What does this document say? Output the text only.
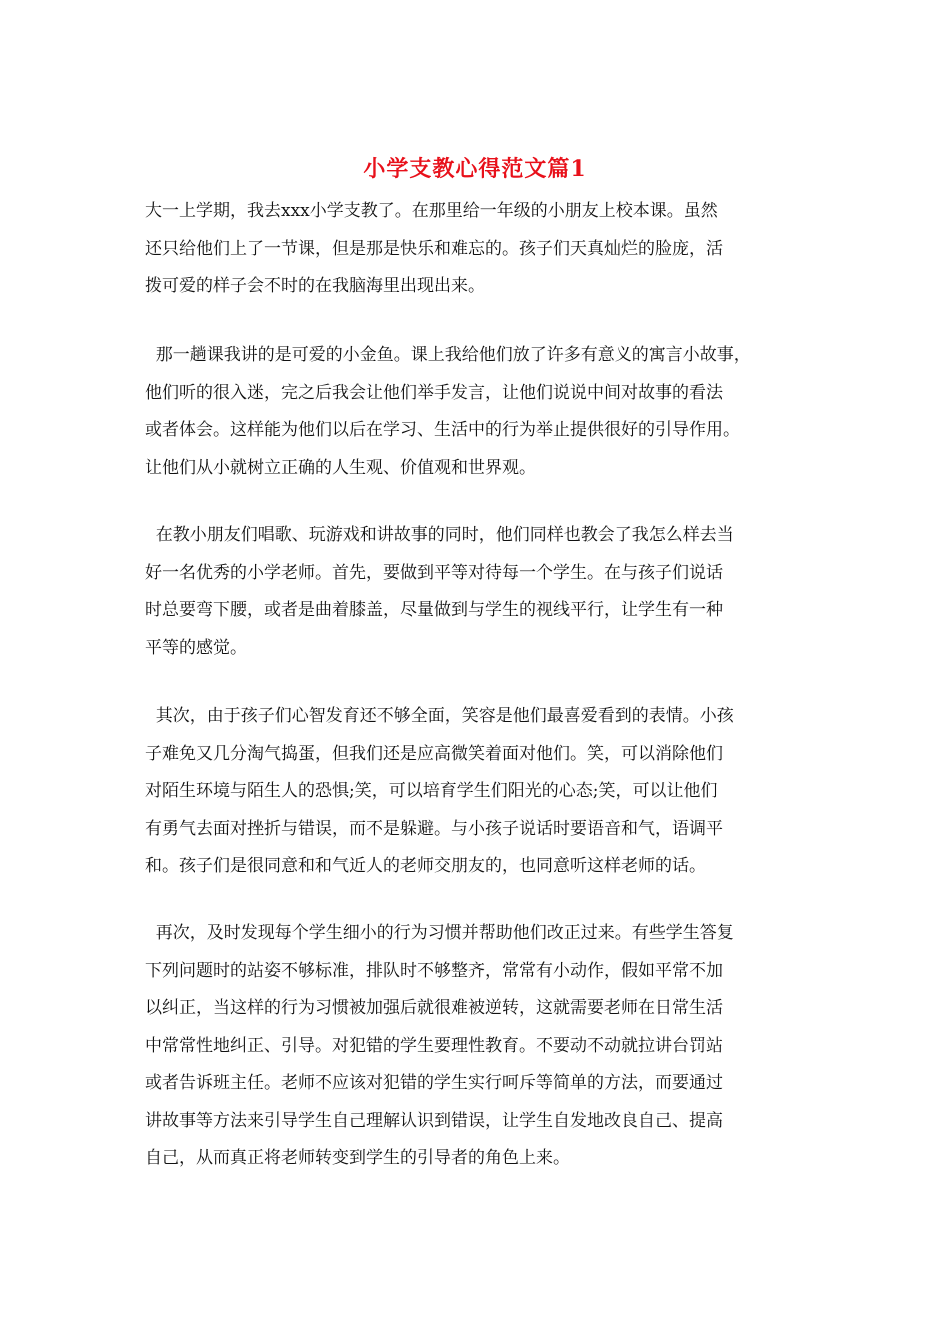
小学支教心得范文篇1
大一上学期，我去xxx小学支教了。在那里给一年级的小朋友上校本课。虽然
还只给他们上了一节课，但是那是快乐和难忘的。孩子们天真灿烂的脸庞，活
拨可爱的样子会不时的在我脑海里出现出来。
那一趟课我讲的是可爱的小金鱼。课上我给他们放了许多有意义的寓言小故事，
他们听的很入迷，完之后我会让他们举手发言，让他们说说中间对故事的看法
或者体会。这样能为他们以后在学习、生活中的行为举止提供很好的引导作用。
让他们从小就树立正确的人生观、价值观和世界观。
在教小朋友们唱歌、玩游戏和讲故事的同时，他们同样也教会了我怎么样去当
好一名优秀的小学老师。首先，要做到平等对待每一个学生。在与孩子们说话
时总要弯下腰，或者是曲着膝盖，尽量做到与学生的视线平行，让学生有一种
平等的感觉。
其次，由于孩子们心智发育还不够全面，笑容是他们最喜爱看到的表情。小孩
子难免又几分淘气捣蛋，但我们还是应高微笑着面对他们。笑，可以消除他们
对陌生环境与陌生人的恐惧;笑，可以培育学生们阳光的心态;笑，可以让他们
有勇气去面对挫折与错误，而不是躲避。与小孩子说话时要语音和气，语调平
和。孩子们是很同意和和气近人的老师交朋友的，也同意听这样老师的话。
再次，及时发现每个学生细小的行为习惯并帮助他们改正过来。有些学生答复
下列问题时的站姿不够标准，排队时不够整齐，常常有小动作，假如平常不加
以纠正，当这样的行为习惯被加强后就很难被逆转，这就需要老师在日常生活
中常常性地纠正、引导。对犯错的学生要理性教育。不要动不动就拉讲台罚站
或者告诉班主任。老师不应该对犯错的学生实行呵斥等简单的方法，而要通过
讲故事等方法来引导学生自己理解认识到错误，让学生自发地改良自己、提高
自己，从而真正将老师转变到学生的引导者的角色上来。
